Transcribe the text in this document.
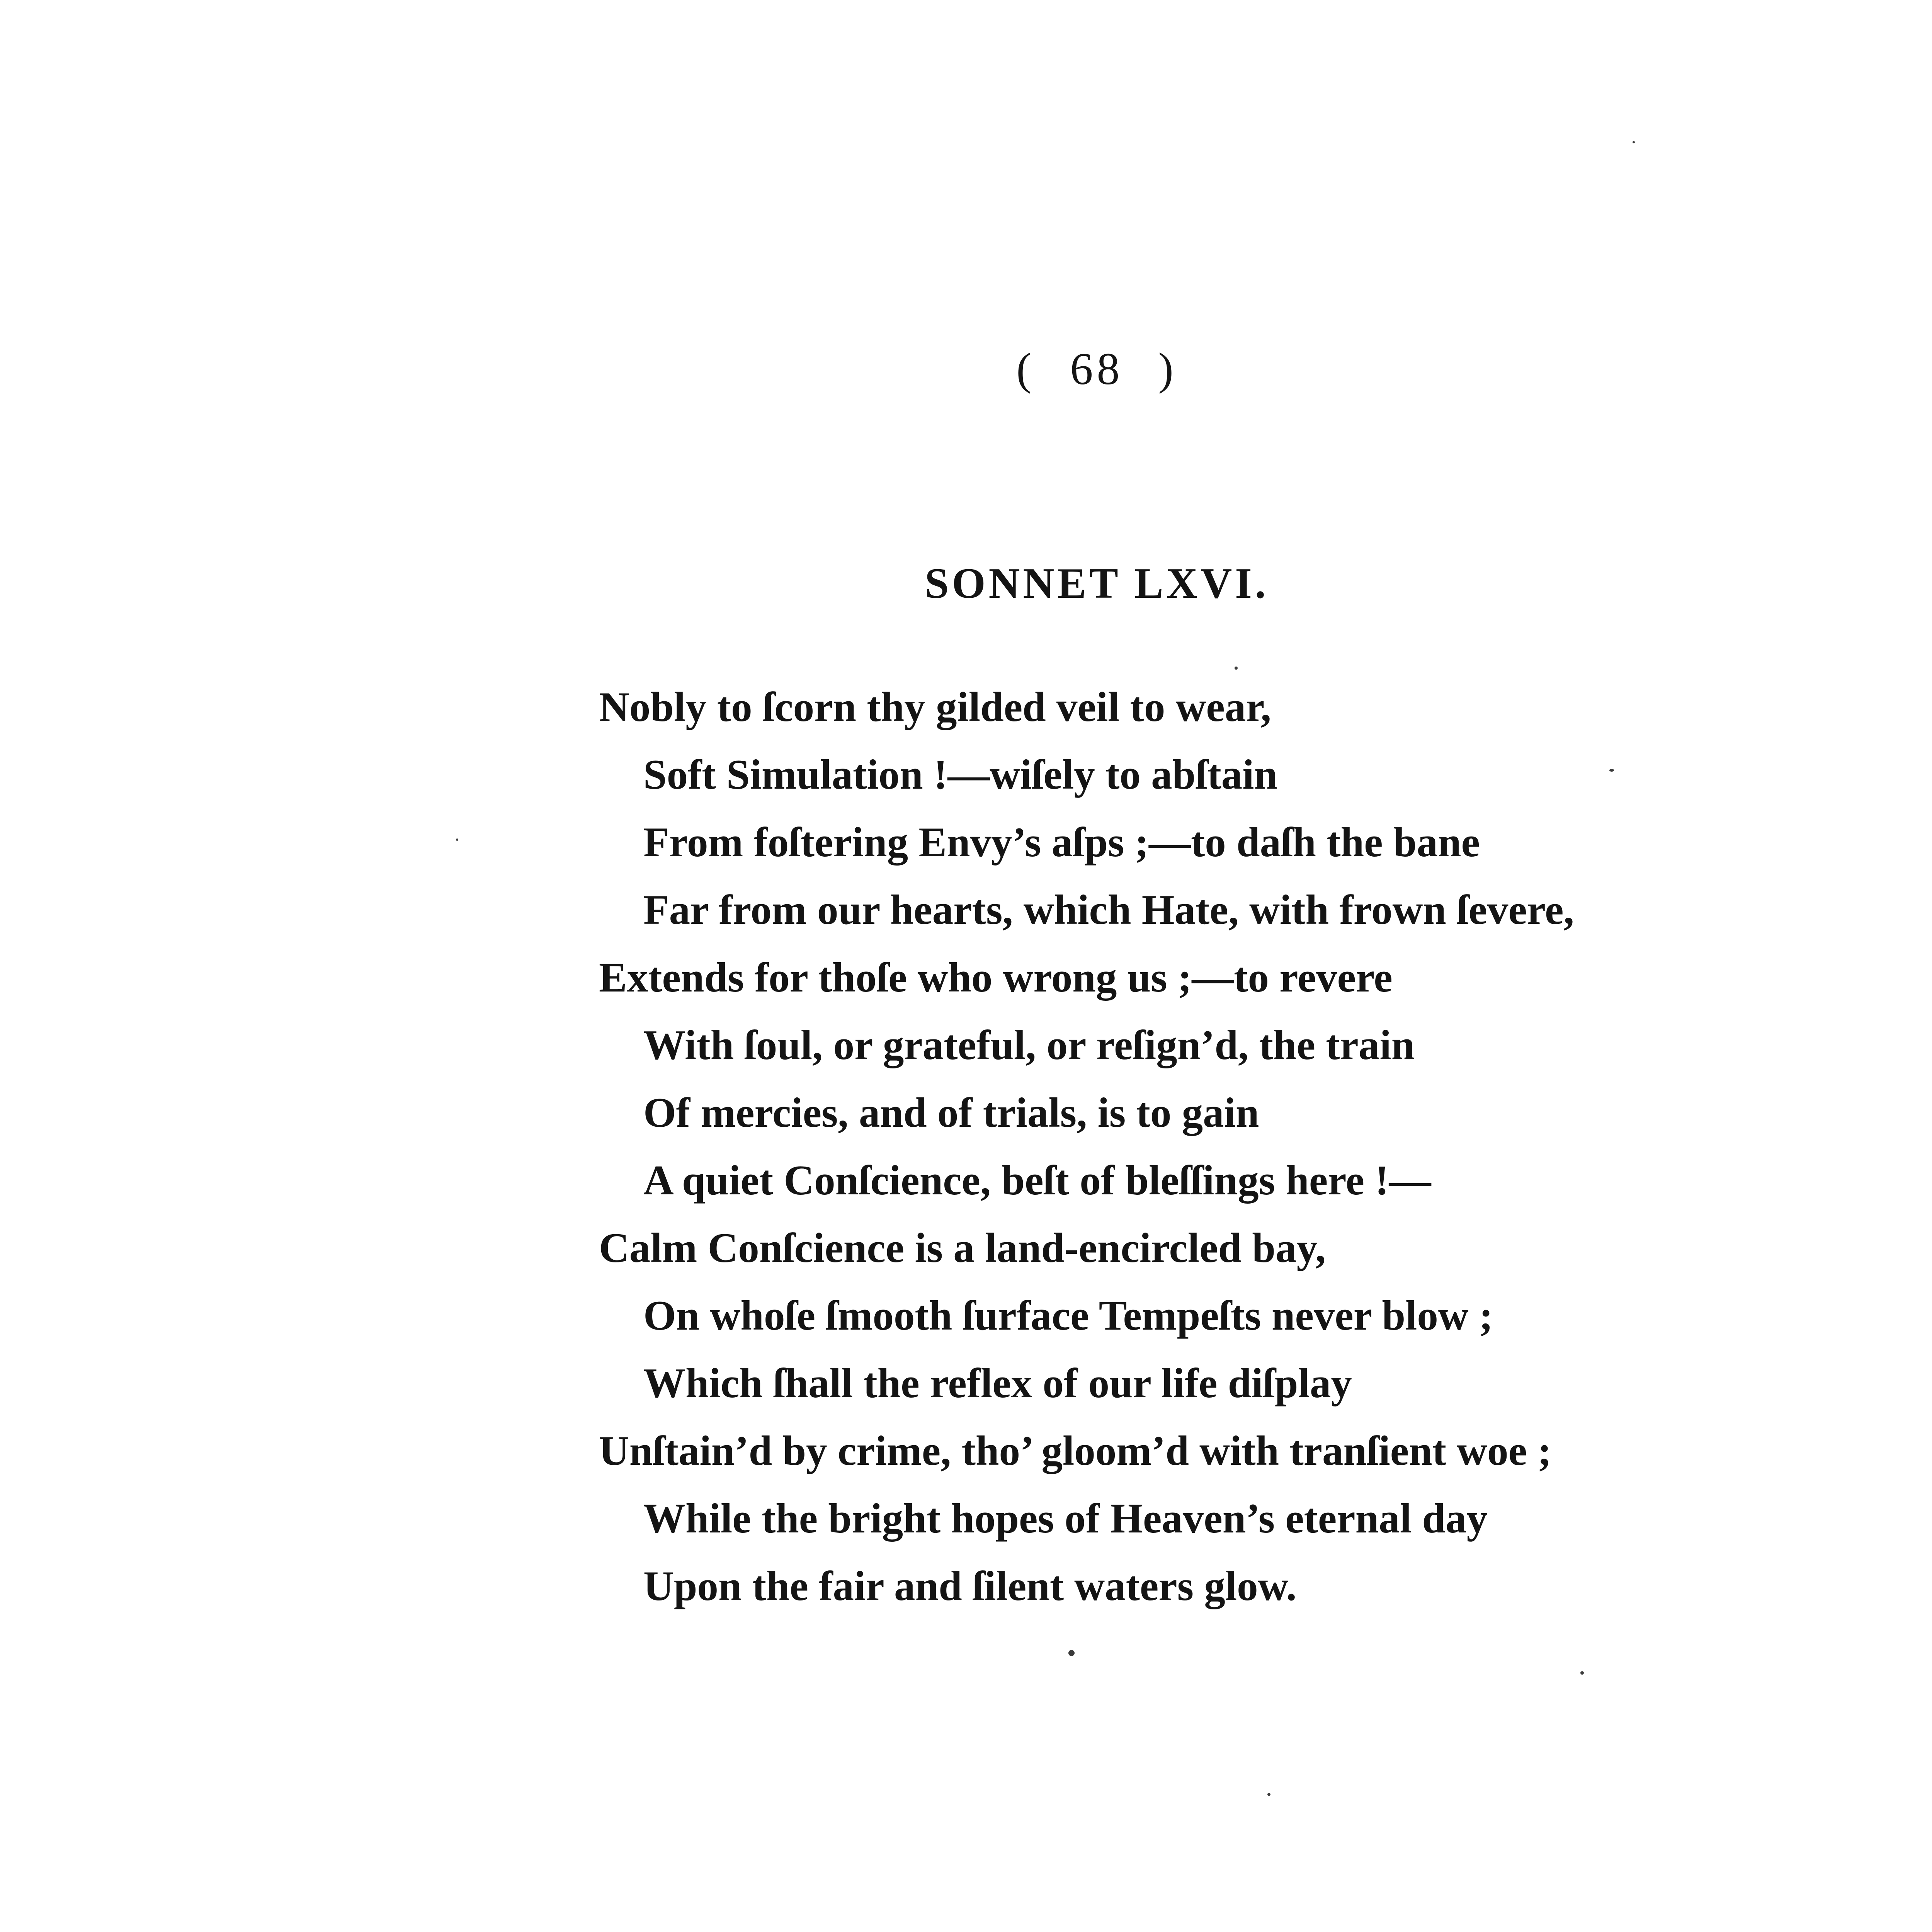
( 68 )
SONNET LXVI.
Nobly to ſcorn thy gilded veil to wear,
Soft Simulation !—wiſely to abſtain
From foſtering Envy’s aſps ;—to daſh the bane
Far from our hearts, which Hate, with frown ſevere,
Extends for thoſe who wrong us ;—to revere
With ſoul, or grateful, or reſign’d, the train
Of mercies, and of trials, is to gain
A quiet Conſcience, beſt of bleſſings here !—
Calm Conſcience is a land-encircled bay,
On whoſe ſmooth ſurface Tempeſts never blow ;
Which ſhall the reflex of our life diſplay
Unſtain’d by crime, tho’ gloom’d with tranſient woe ;
While the bright hopes of Heaven’s eternal day
Upon the fair and ſilent waters glow.
